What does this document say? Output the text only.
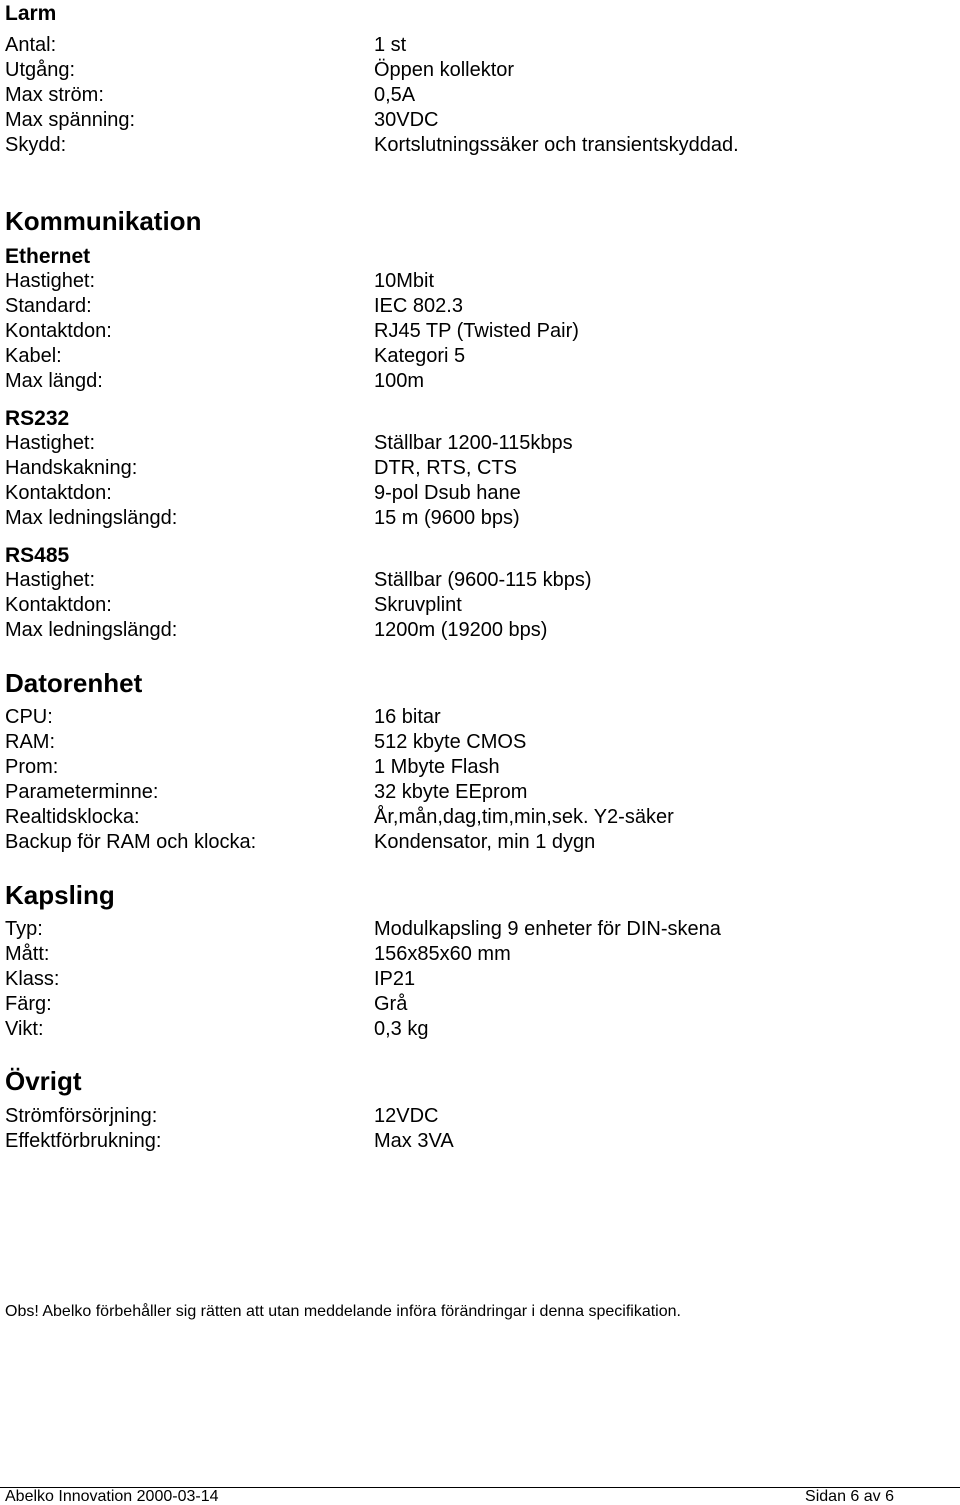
Larm
Antal:	1 st
Utgång:	Öppen kollektor
Max ström:	0,5A
Max spänning:	30VDC
Skydd:	Kortslutningssäker och transientskyddad.
Kommunikation
Ethernet
Hastighet:	10Mbit
Standard:	IEC 802.3
Kontaktdon:	RJ45 TP (Twisted Pair)
Kabel:	Kategori 5
Max längd:	100m
RS232
Hastighet:	Ställbar 1200-115kbps
Handskakning:	DTR, RTS, CTS
Kontaktdon:	9-pol Dsub hane
Max ledningslängd:	15 m (9600 bps)
RS485
Hastighet:	Ställbar (9600-115 kbps)
Kontaktdon:	Skruvplint
Max ledningslängd:	1200m (19200 bps)
Datorenhet
CPU:	16 bitar
RAM:	512 kbyte CMOS
Prom:	1 Mbyte Flash
Parameterminne:	32 kbyte EEprom
Realtidsklocka:	År,mån,dag,tim,min,sek. Y2-säker
Backup för RAM och klocka:	Kondensator, min 1 dygn
Kapsling
Typ:	Modulkapsling 9 enheter för DIN-skena
Mått:	156x85x60 mm
Klass:	IP21
Färg:	Grå
Vikt:	0,3 kg
Övrigt
Strömförsörjning:	12VDC
Effektförbrukning:	Max 3VA
Obs! Abelko förbehåller sig rätten att utan meddelande införa förändringar i denna specifikation.
Abelko Innovation 2000-03-14	Sidan 6 av 6
